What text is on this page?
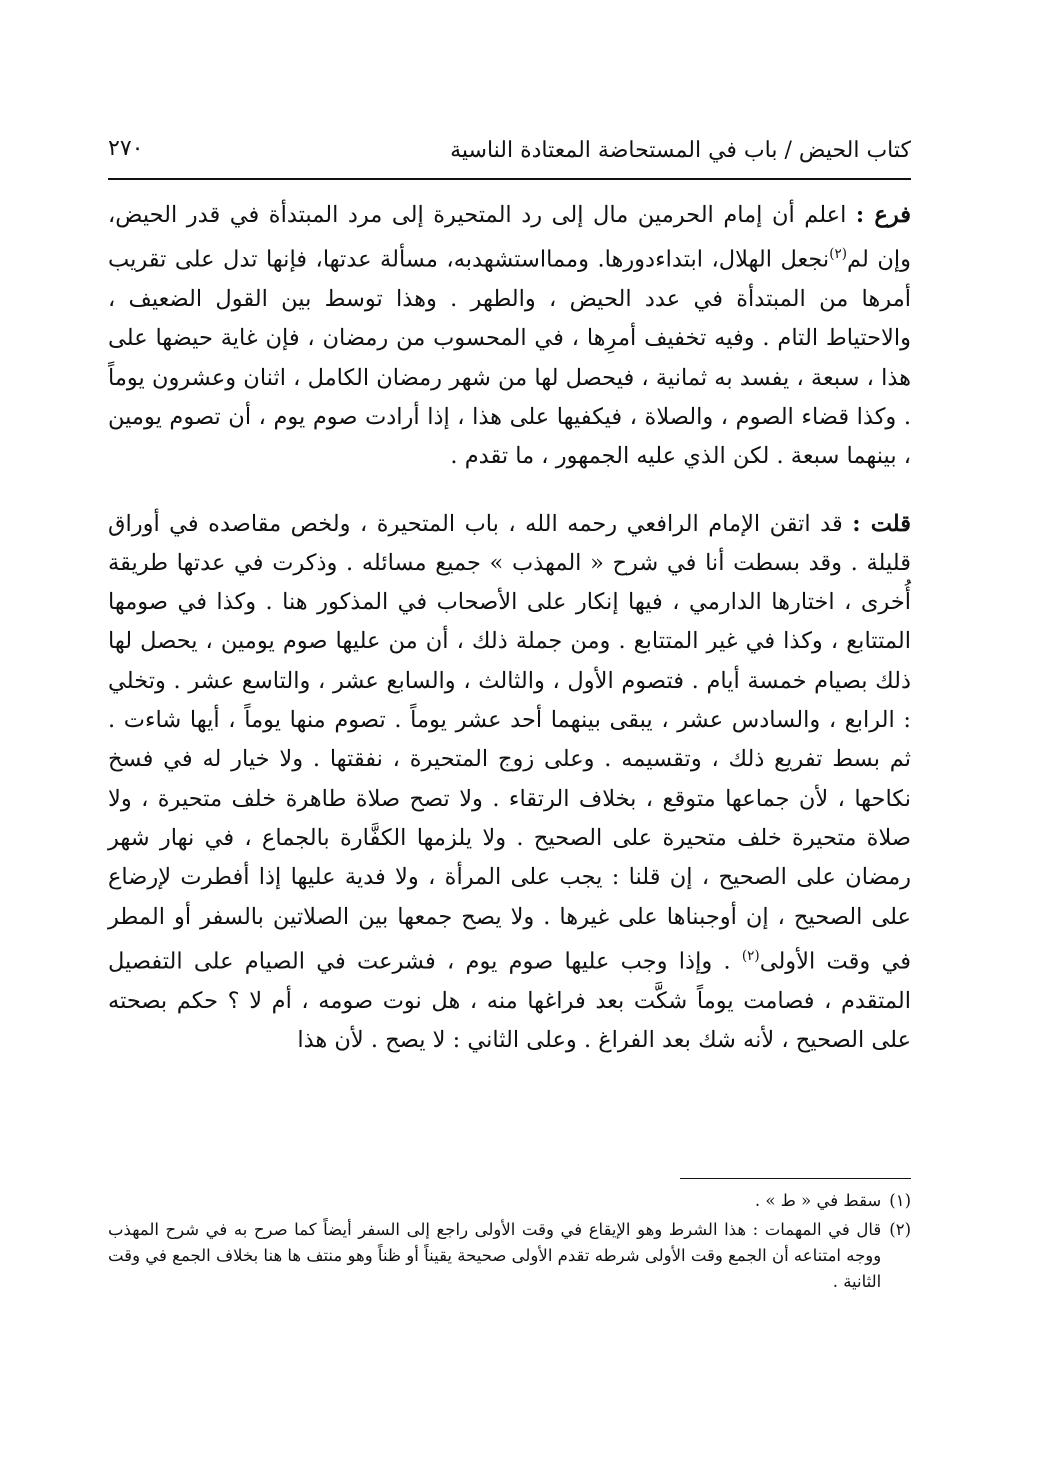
كتاب الحيض / باب في المستحاضة المعتادة الناسية
٢٧٠

فرع : اعلم أن إمام الحرمين مال إلى رد المتحيرة إلى مرد المبتدأة في قدر الحيض، وإن لم$^{(٢)}$نجعل الهلال، ابتداءدورها. وممااستشهدبه، مسألة عدتها، فإنها تدل على تقريب أمرها من المبتدأة في عدد الحيض ، والطهر . وهذا توسط بين القول الضعيف ، والاحتياط التام . وفيه تخفيف أمرِها ، في المحسوب من رمضان ، فإن غاية حيضها على هذا ، سبعة ، يفسد به ثمانية ، فيحصل لها من شهر رمضان الكامل ، اثنان وعشرون يوماً . وكذا قضاء الصوم ، والصلاة ، فيكفيها على هذا ، إذا أرادت صوم يوم ، أن تصوم يومين ، بينهما سبعة . لكن الذي عليه الجمهور ، ما تقدم .

قلت : قد اتقن الإمام الرافعي رحمه الله ، باب المتحيرة ، ولخص مقاصده في أوراق قليلة . وقد بسطت أنا في شرح « المهذب » جميع مسائله . وذكرت في عدتها طريقة أُخرى ، اختارها الدارمي ، فيها إنكار على الأصحاب في المذكور هنا . وكذا في صومها المتتابع ، وكذا في غير المتتابع . ومن جملة ذلك ، أن من عليها صوم يومين ، يحصل لها ذلك بصيام خمسة أيام . فتصوم الأول ، والثالث ، والسابع عشر ، والتاسع عشر . وتخلي : الرابع ، والسادس عشر ، يبقى بينهما أحد عشر يوماً . تصوم منها يوماً ، أيها شاءت . ثم بسط تفريع ذلك ، وتقسيمه . وعلى زوج المتحيرة ، نفقتها . ولا خيار له في فسخ نكاحها ، لأن جماعها متوقع ، بخلاف الرتقاء . ولا تصح صلاة طاهرة خلف متحيرة ، ولا صلاة متحيرة خلف متحيرة على الصحيح . ولا يلزمها الكفَّارة بالجماع ، في نهار شهر رمضان على الصحيح ، إن قلنا : يجب على المرأة ، ولا فدية عليها إذا أفطرت لإرضاع على الصحيح ، إن أوجبناها على غيرها . ولا يصح جمعها بين الصلاتين بالسفر أو المطر في وقت الأولى$^{(٢)}$ . وإذا وجب عليها صوم يوم ، فشرعت في الصيام على التفصيل المتقدم ، فصامت يوماً شكَّت بعد فراغها منه ، هل نوت صومه ، أم لا ؟ حكم بصحته على الصحيح ، لأنه شك بعد الفراغ . وعلى الثاني : لا يصح . لأن هذا

(١)
سقط في « ط » .

(٢)
قال في المهمات : هذا الشرط وهو الإيقاع في وقت الأولى راجع إلى السفر أيضاً كما صرح به في شرح المهذب ووجه امتناعه أن الجمع وقت الأولى شرطه تقدم الأولى صحيحة يقيناً أو ظناً وهو منتف ها هنا بخلاف الجمع في وقت الثانية .
